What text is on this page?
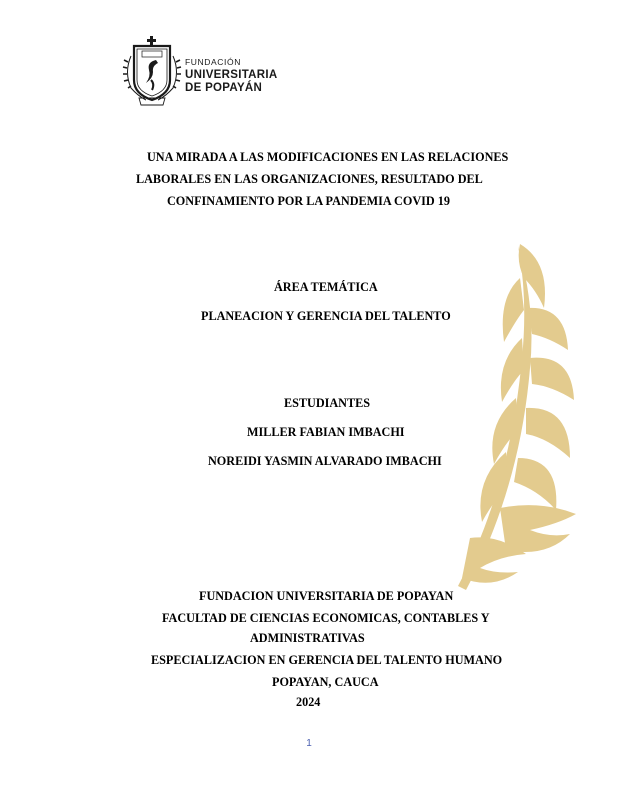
FUNDACIÓN
UNIVERSITARIA
DE POPAYÁN
UNA MIRADA A LAS MODIFICACIONES EN LAS RELACIONES
LABORALES EN LAS ORGANIZACIONES, RESULTADO DEL
CONFINAMIENTO POR LA PANDEMIA COVID 19
ÁREA TEMÁTICA
PLANEACION Y GERENCIA DEL TALENTO
ESTUDIANTES
MILLER FABIAN IMBACHI
NOREIDI YASMIN ALVARADO IMBACHI
FUNDACION UNIVERSITARIA DE POPAYAN
FACULTAD DE CIENCIAS ECONOMICAS, CONTABLES Y
ADMINISTRATIVAS
ESPECIALIZACION EN GERENCIA DEL TALENTO HUMANO
POPAYAN, CAUCA
2024
1
